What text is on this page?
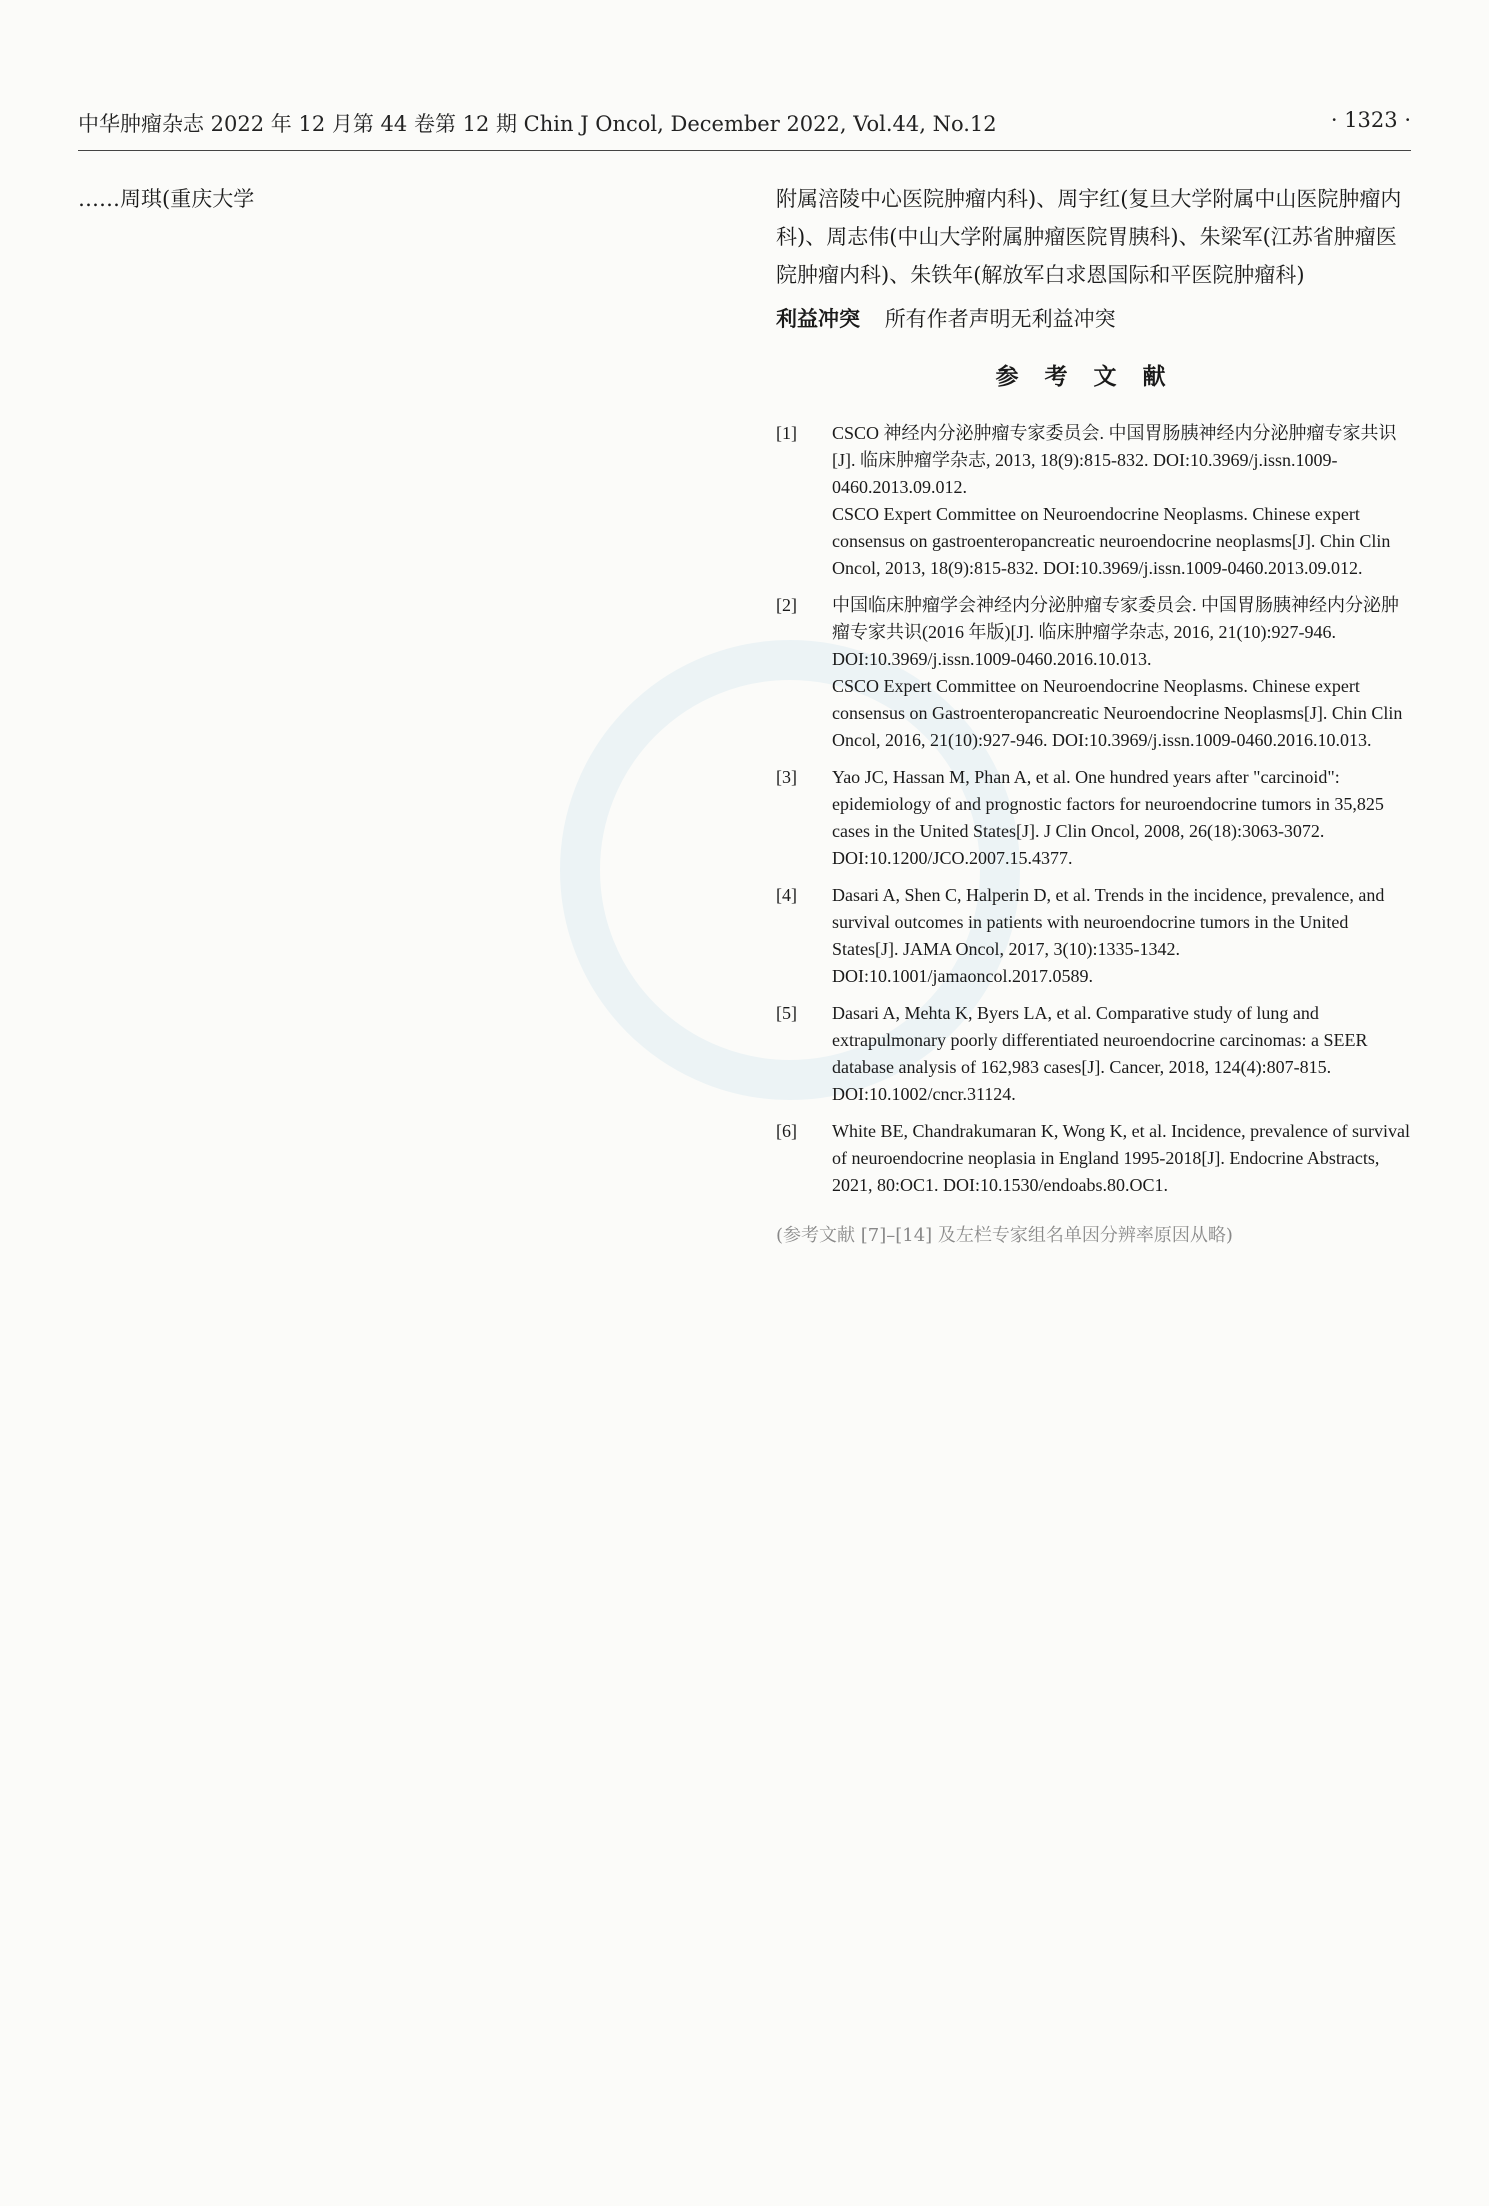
中华肿瘤杂志 2022 年 12 月第 44 卷第 12 期 Chin J Oncol, December 2022, Vol.44, No.12	· 1323 ·

……周琪(重庆大学	附属涪陵中心医院肿瘤内科)、周宇红(复旦大学附属中山医院肿瘤内科)、周志伟(中山大学附属肿瘤医院胃胰科)、朱梁军(江苏省肿瘤医院肿瘤内科)、朱铁年(解放军白求恩国际和平医院肿瘤科)

利益冲突 所有作者声明无利益冲突

参考文献
[1]	CSCO 神经内分泌肿瘤专家委员会. 中国胃肠胰神经内分泌肿瘤专家共识[J]. 临床肿瘤学杂志, 2013, 18(9):815-832. DOI:10.3969/j.issn.1009-0460.2013.09.012.

CSCO Expert Committee on Neuroendocrine Neoplasms. Chinese expert consensus on gastroenteropancreatic neuroendocrine neoplasms[J]. Chin Clin Oncol, 2013, 18(9):815-832. DOI:10.3969/j.issn.1009-0460.2013.09.012.

[2]	中国临床肿瘤学会神经内分泌肿瘤专家委员会. 中国胃肠胰神经内分泌肿瘤专家共识(2016 年版)[J]. 临床肿瘤学杂志, 2016, 21(10):927-946. DOI:10.3969/j.issn.1009-0460.2016.10.013.

CSCO Expert Committee on Neuroendocrine Neoplasms. Chinese expert consensus on Gastroenteropancreatic Neuroendocrine Neoplasms[J]. Chin Clin Oncol, 2016, 21(10):927-946. DOI:10.3969/j.issn.1009-0460.2016.10.013.

[3]	Yao JC, Hassan M, Phan A, et al. One hundred years after "carcinoid": epidemiology of and prognostic factors for neuroendocrine tumors in 35,825 cases in the United States[J]. J Clin Oncol, 2008, 26(18):3063-3072. DOI:10.1200/JCO.2007.15.4377.

[4]	Dasari A, Shen C, Halperin D, et al. Trends in the incidence, prevalence, and survival outcomes in patients with neuroendocrine tumors in the United States[J]. JAMA Oncol, 2017, 3(10):1335-1342. DOI:10.1001/jamaoncol.2017.0589.

[5]	Dasari A, Mehta K, Byers LA, et al. Comparative study of lung and extrapulmonary poorly differentiated neuroendocrine carcinomas: a SEER database analysis of 162,983 cases[J]. Cancer, 2018, 124(4):807-815. DOI:10.1002/cncr.31124.

[6]	White BE, Chandrakumaran K, Wong K, et al. Incidence, prevalence of survival of neuroendocrine neoplasia in England 1995-2018[J]. Endocrine Abstracts, 2021, 80:OC1. DOI:10.1530/endoabs.80.OC1.

(参考文献 [7]–[14] 及左栏专家组名单因分辨率原因从略)
